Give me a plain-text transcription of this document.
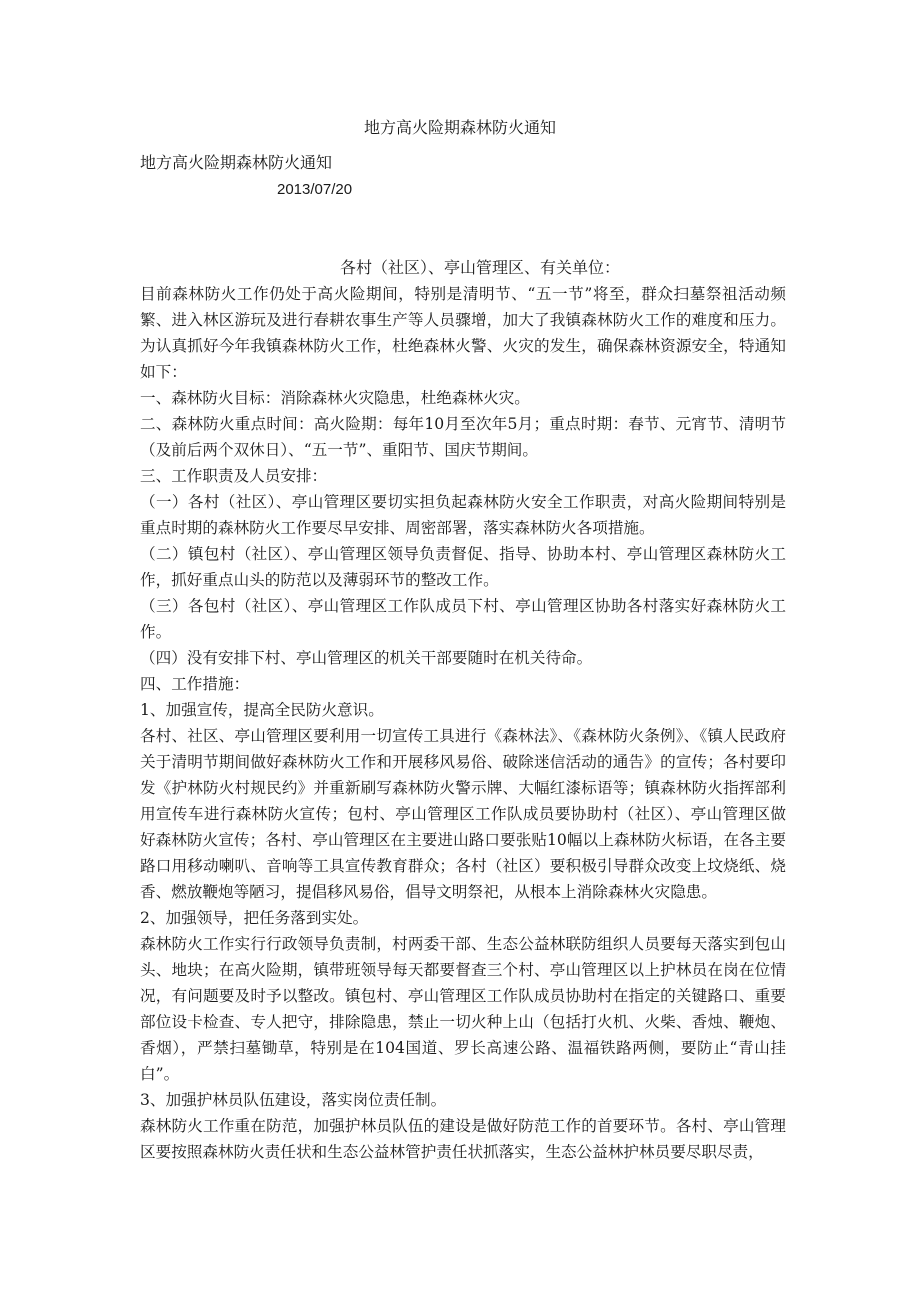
地方高火险期森林防火通知
地方高火险期森林防火通知
2013/07/20
各村（社区）、亭山管理区、有关单位：

目前森林防火工作仍处于高火险期间，特别是清明节、“五一节”将至，群众扫墓祭祖活动频繁、进入林区游玩及进行春耕农事生产等人员骤增，加大了我镇森林防火工作的难度和压力。为认真抓好今年我镇森林防火工作，杜绝森林火警、火灾的发生，确保森林资源安全，特通知如下：

一、森林防火目标：消除森林火灾隐患，杜绝森林火灾。

二、森林防火重点时间：高火险期：每年10月至次年5月；重点时期：春节、元宵节、清明节（及前后两个双休日）、“五一节”、重阳节、国庆节期间。

三、工作职责及人员安排：

（一）各村（社区）、亭山管理区要切实担负起森林防火安全工作职责，对高火险期间特别是重点时期的森林防火工作要尽早安排、周密部署，落实森林防火各项措施。

（二）镇包村（社区）、亭山管理区领导负责督促、指导、协助本村、亭山管理区森林防火工作，抓好重点山头的防范以及薄弱环节的整改工作。

（三）各包村（社区）、亭山管理区工作队成员下村、亭山管理区协助各村落实好森林防火工作。

（四）没有安排下村、亭山管理区的机关干部要随时在机关待命。

四、工作措施：

1、加强宣传，提高全民防火意识。

各村、社区、亭山管理区要利用一切宣传工具进行《森林法》、《森林防火条例》、《镇人民政府关于清明节期间做好森林防火工作和开展移风易俗、破除迷信活动的通告》的宣传；各村要印发《护林防火村规民约》并重新刷写森林防火警示牌、大幅红漆标语等；镇森林防火指挥部利用宣传车进行森林防火宣传；包村、亭山管理区工作队成员要协助村（社区）、亭山管理区做好森林防火宣传；各村、亭山管理区在主要进山路口要张贴10幅以上森林防火标语，在各主要路口用移动喇叭、音响等工具宣传教育群众；各村（社区）要积极引导群众改变上坟烧纸、烧香、燃放鞭炮等陋习，提倡移风易俗，倡导文明祭祀，从根本上消除森林火灾隐患。

2、加强领导，把任务落到实处。

森林防火工作实行行政领导负责制，村两委干部、生态公益林联防组织人员要每天落实到包山头、地块；在高火险期，镇带班领导每天都要督查三个村、亭山管理区以上护林员在岗在位情况，有问题要及时予以整改。镇包村、亭山管理区工作队成员协助村在指定的关键路口、重要部位设卡检查、专人把守，排除隐患，禁止一切火种上山（包括打火机、火柴、香烛、鞭炮、香烟），严禁扫墓锄草，特别是在104国道、罗长高速公路、温福铁路两侧，要防止“青山挂白”。

3、加强护林员队伍建设，落实岗位责任制。

森林防火工作重在防范，加强护林员队伍的建设是做好防范工作的首要环节。各村、亭山管理区要按照森林防火责任状和生态公益林管护责任状抓落实，生态公益林护林员要尽职尽责，
